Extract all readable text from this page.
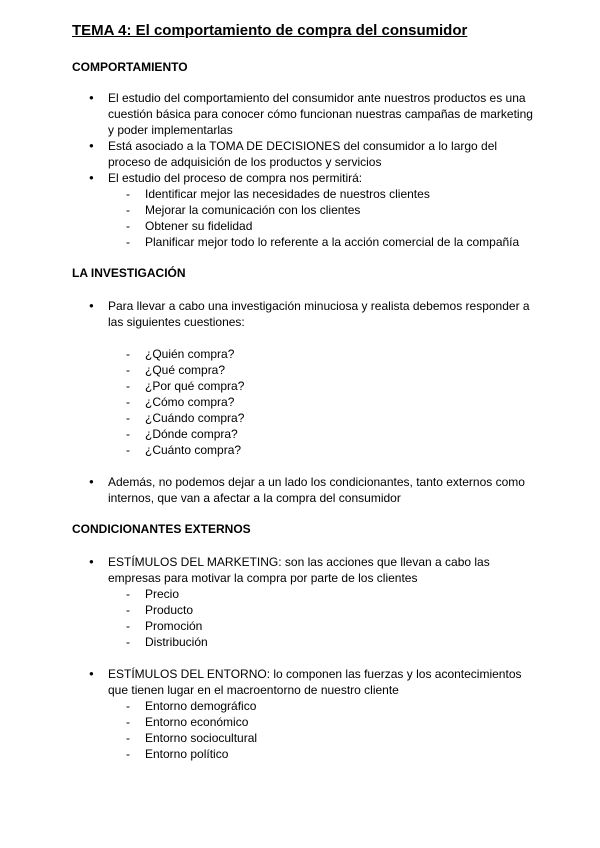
TEMA 4: El comportamiento de compra del consumidor
COMPORTAMIENTO
● El estudio del comportamiento del consumidor ante nuestros productos es una cuestión básica para conocer cómo funcionan nuestras campañas de marketing y poder implementarlas
● Está asociado a la TOMA DE DECISIONES del consumidor a lo largo del proceso de adquisición de los productos y servicios
● El estudio del proceso de compra nos permitirá:
- Identificar mejor las necesidades de nuestros clientes
- Mejorar la comunicación con los clientes
- Obtener su fidelidad
- Planificar mejor todo lo referente a la acción comercial de la compañía
LA INVESTIGACIÓN
● Para llevar a cabo una investigación minuciosa y realista debemos responder a las siguientes cuestiones:
- ¿Quién compra?
- ¿Qué compra?
- ¿Por qué compra?
- ¿Cómo compra?
- ¿Cuándo compra?
- ¿Dónde compra?
- ¿Cuánto compra?
● Además, no podemos dejar a un lado los condicionantes, tanto externos como internos, que van a afectar a la compra del consumidor
CONDICIONANTES EXTERNOS
● ESTÍMULOS DEL MARKETING: son las acciones que llevan a cabo las empresas para motivar la compra por parte de los clientes
- Precio
- Producto
- Promoción
- Distribución
● ESTÍMULOS DEL ENTORNO: lo componen las fuerzas y los acontecimientos que tienen lugar en el macroentorno de nuestro cliente
- Entorno demográfico
- Entorno económico
- Entorno sociocultural
- Entorno político
